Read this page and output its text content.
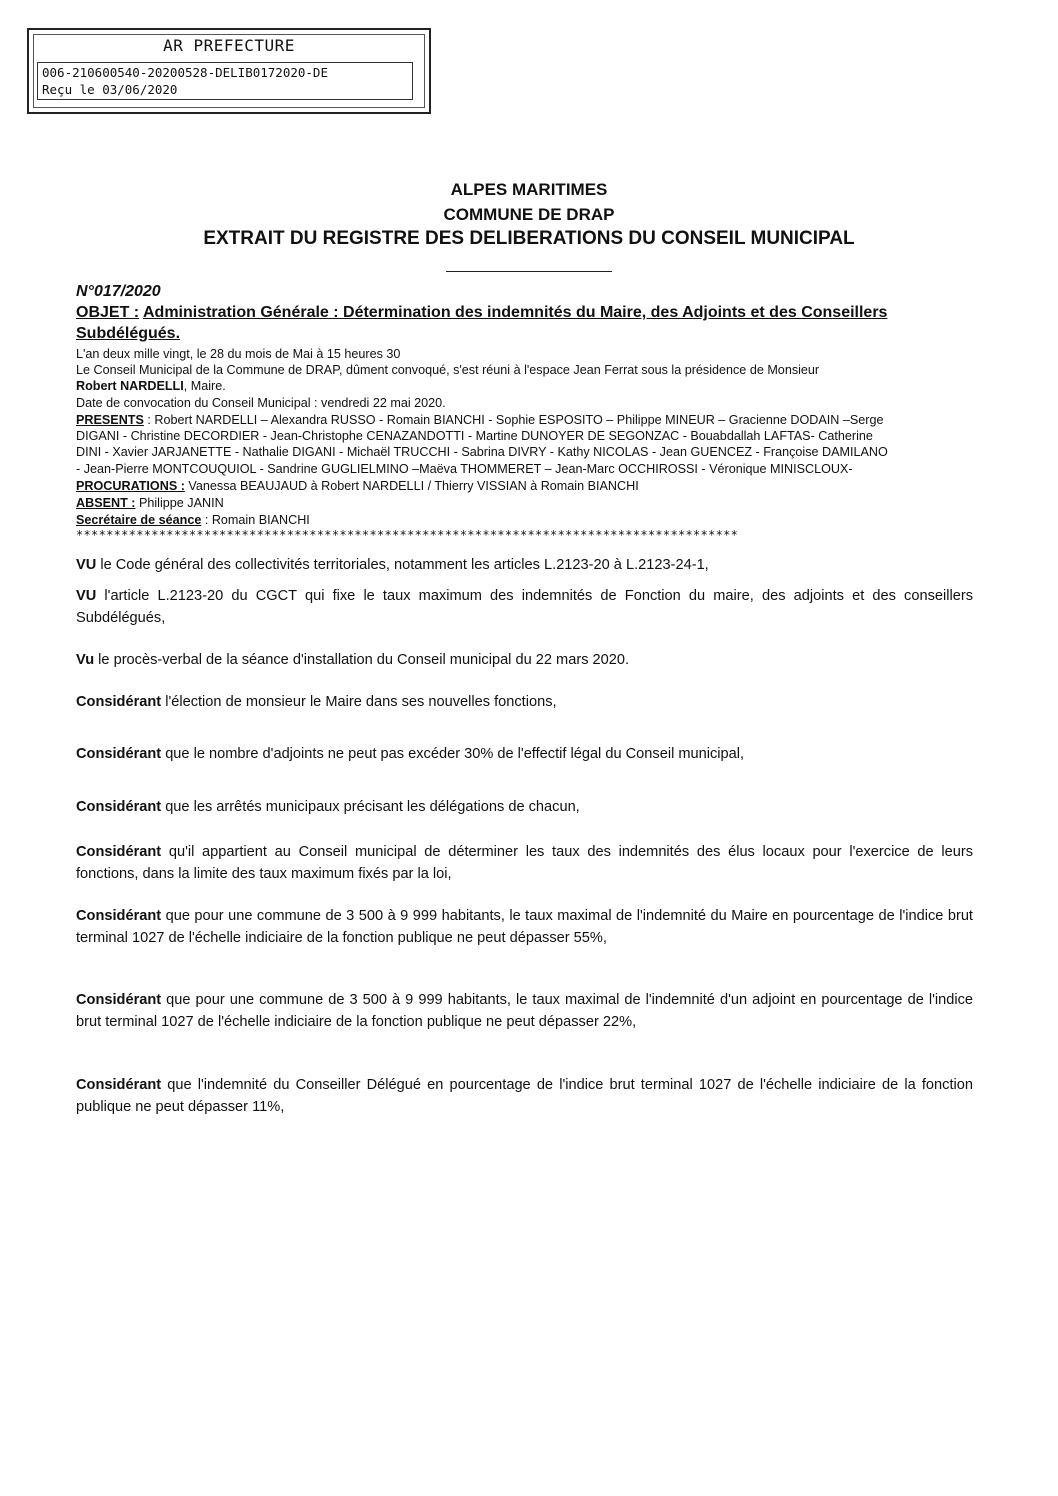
AR PREFECTURE
006-210600540-20200528-DELIB0172020-DE
Reçu le 03/06/2020
ALPES MARITIMES
COMMUNE DE DRAP
EXTRAIT DU REGISTRE DES DELIBERATIONS DU CONSEIL MUNICIPAL
N°017/2020
OBJET : Administration Générale : Détermination des indemnités du Maire, des Adjoints et des Conseillers Subdélégués.
L'an deux mille vingt, le 28 du mois de Mai à 15 heures 30
Le Conseil Municipal de la Commune de DRAP, dûment convoqué, s'est réuni à l'espace Jean Ferrat sous la présidence de Monsieur
Robert NARDELLI, Maire.
Date de convocation du Conseil Municipal : vendredi 22 mai 2020.
PRESENTS : Robert NARDELLI – Alexandra RUSSO - Romain BIANCHI - Sophie ESPOSITO – Philippe MINEUR – Gracienne DODAIN –Serge
DIGANI - Christine DECORDIER - Jean-Christophe CENAZANDOTTI - Martine DUNOYER DE SEGONZAC - Bouabdallah LAFTAS- Catherine
DINI - Xavier JARJANETTE - Nathalie DIGANI - Michaël TRUCCHI - Sabrina DIVRY - Kathy NICOLAS - Jean GUENCEZ - Françoise DAMILANO
- Jean-Pierre MONTCOUQUIOL - Sandrine GUGLIELMINO –Maëva THOMMERET – Jean-Marc OCCHIROSSI - Véronique MINISCLOUX-
PROCURATIONS : Vanessa BEAUJAUD à Robert NARDELLI / Thierry VISSIAN à Romain BIANCHI
ABSENT : Philippe JANIN
Secrétaire de séance : Romain BIANCHI
****************************************************************************************
VU le Code général des collectivités territoriales, notamment les articles L.2123-20 à L.2123-24-1,
VU l'article L.2123-20 du CGCT qui fixe le taux maximum des indemnités de Fonction du maire, des adjoints et des conseillers Subdélégués,
Vu le procès-verbal de la séance d'installation du Conseil municipal du 22 mars 2020.
Considérant l'élection de monsieur le Maire dans ses nouvelles fonctions,
Considérant que le nombre d'adjoints ne peut pas excéder 30% de l'effectif légal du Conseil municipal,
Considérant que les arrêtés municipaux précisant les délégations de chacun,
Considérant qu'il appartient au Conseil municipal de déterminer les taux des indemnités des élus locaux pour l'exercice de leurs fonctions, dans la limite des taux maximum fixés par la loi,
Considérant que pour une commune de 3 500 à 9 999 habitants, le taux maximal de l'indemnité du Maire en pourcentage de l'indice brut terminal 1027 de l'échelle indiciaire de la fonction publique ne peut dépasser 55%,
Considérant que pour une commune de 3 500 à 9 999 habitants, le taux maximal de l'indemnité d'un adjoint en pourcentage de l'indice brut terminal 1027 de l'échelle indiciaire de la fonction publique ne peut dépasser 22%,
Considérant que l'indemnité du Conseiller Délégué en pourcentage de l'indice brut terminal 1027 de l'échelle indiciaire de la fonction publique ne peut dépasser 11%,
